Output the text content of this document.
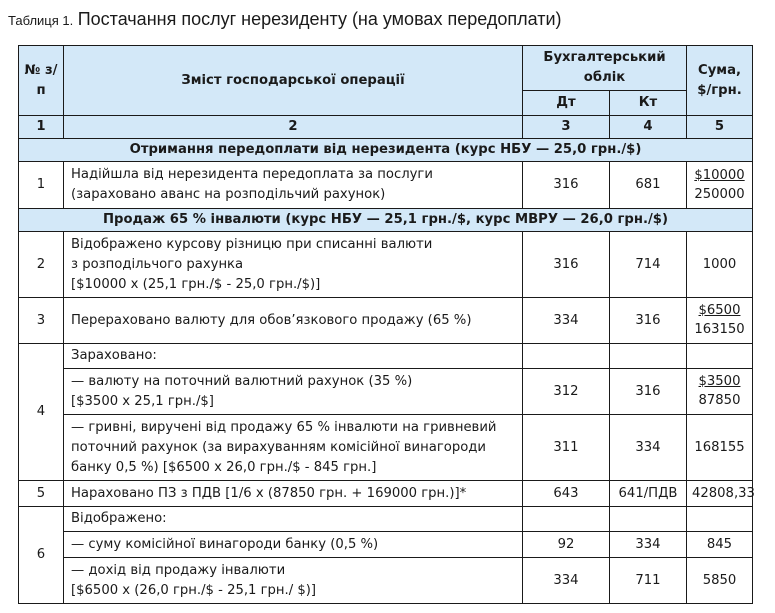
Таблиця 1. Постачання послуг нерезиденту (на умовах передоплати)
№ з/п	Зміст господарської операції	Бухгалтерський облік		Сума, $/грн.
		Дт	Кт	
1	2	3	4	5
Отримання передоплати від нерезидента (курс НБУ — 25,0 грн./$)				
1	Надійшла від нерезидента передоплата за послуги
(зараховано аванс на розподільчий рахунок)	316	681	$\frac{\$10000}{250000}$

Продаж 65 % інвалюти (курс НБУ — 25,1 грн./$, курс МВРУ — 26,0 грн./$)				
2	Відображено курсову різницю при списанні валюти
з розподільчого рахунка
[$10000 х (25,1 грн./$ - 25,0 грн./$)]	316	714	1000
3	Перераховано валюту для обов’язкового продажу (65 %)	334	316	$\frac{\$6500}{163150}$

4	Зараховано:			
	— валюту на поточний валютний рахунок (35 %)
[$3500 х 25,1 грн./$]	312	316	$\frac{\$3500}{87850}$

	— гривні, виручені від продажу 65 % інвалюти на гривневий
поточний рахунок (за вирахуванням комісійної винагороди
банку 0,5 %) [$6500 х 26,0 грн./$ - 845 грн.]	311	334	168155
5	Нараховано ПЗ з ПДВ [1/6 х (87850 грн. + 169000 грн.)]*	643	641/ПДВ	42808,33
6	Відображено:			
	— суму комісійної винагороди банку (0,5 %)	92	334	845
	— дохід від продажу інвалюти
[$6500 х (26,0 грн./$ - 25,1 грн./ $)]	334	711	5850
